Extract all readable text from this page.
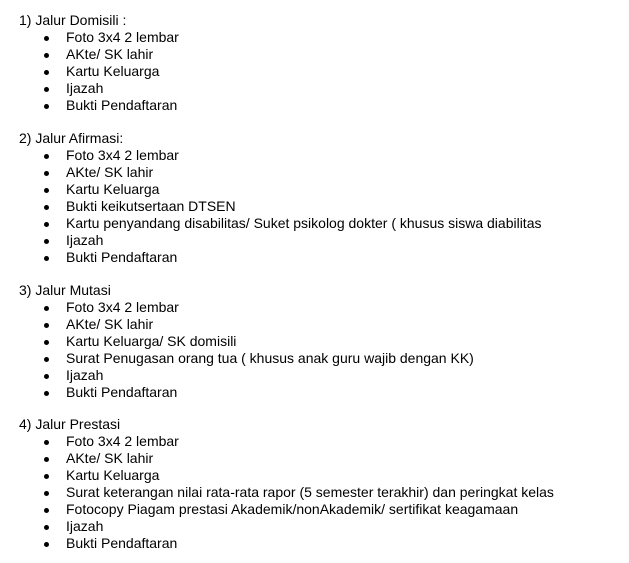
1) Jalur Domisili :
Foto 3x4 2 lembar
AKte/ SK lahir
Kartu Keluarga
Ijazah
Bukti Pendaftaran
2) Jalur Afirmasi:
Foto 3x4 2 lembar
AKte/ SK lahir
Kartu Keluarga
Bukti keikutsertaan DTSEN
Kartu penyandang disabilitas/ Suket psikolog dokter ( khusus siswa diabilitas
Ijazah
Bukti Pendaftaran
3) Jalur Mutasi
Foto 3x4 2 lembar
AKte/ SK lahir
Kartu Keluarga/ SK domisili
Surat Penugasan orang tua ( khusus anak guru wajib dengan KK)
Ijazah
Bukti Pendaftaran
4) Jalur Prestasi
Foto 3x4 2 lembar
AKte/ SK lahir
Kartu Keluarga
Surat keterangan nilai rata-rata rapor (5 semester terakhir) dan peringkat kelas
Fotocopy Piagam prestasi Akademik/nonAkademik/ sertifikat keagamaan
Ijazah
Bukti Pendaftaran
